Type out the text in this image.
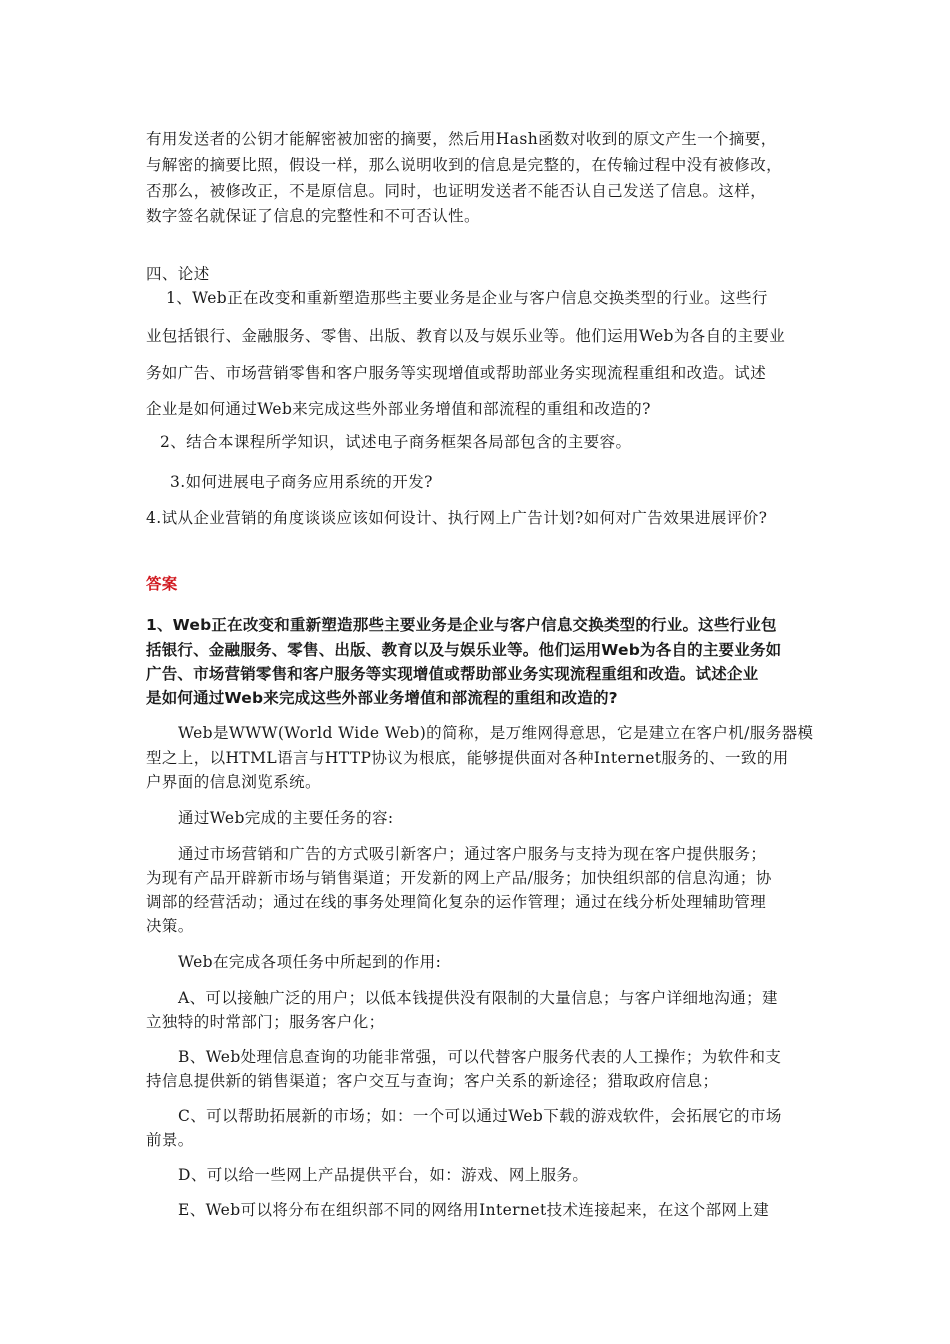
有用发送者的公钥才能解密被加密的摘要，然后用Hash函数对收到的原文产生一个摘要，
与解密的摘要比照，假设一样，那么说明收到的信息是完整的，在传输过程中没有被修改，
否那么，被修改正，不是原信息。同时，也证明发送者不能否认自己发送了信息。这样，
数字签名就保证了信息的完整性和不可否认性。
四、论述
1、Web正在改变和重新塑造那些主要业务是企业与客户信息交换类型的行业。这些行
业包括银行、金融服务、零售、出版、教育以及与娱乐业等。他们运用Web为各自的主要业
务如广告、市场营销零售和客户服务等实现增值或帮助部业务实现流程重组和改造。试述
企业是如何通过Web来完成这些外部业务增值和部流程的重组和改造的?
2、结合本课程所学知识，试述电子商务框架各局部包含的主要容。
3.如何进展电子商务应用系统的开发?
4.试从企业营销的角度谈谈应该如何设计、执行网上广告计划?如何对广告效果进展评价?
答案
1、Web正在改变和重新塑造那些主要业务是企业与客户信息交换类型的行业。这些行业包
括银行、金融服务、零售、出版、教育以及与娱乐业等。他们运用Web为各自的主要业务如
广告、市场营销零售和客户服务等实现增值或帮助部业务实现流程重组和改造。试述企业
是如何通过Web来完成这些外部业务增值和部流程的重组和改造的?
Web是WWW(World Wide Web)的简称，是万维网得意思，它是建立在客户机/服务器模
型之上，以HTML语言与HTTP协议为根底，能够提供面对各种Internet服务的、一致的用
户界面的信息浏览系统。
通过Web完成的主要任务的容:
通过市场营销和广告的方式吸引新客户；通过客户服务与支持为现在客户提供服务；
为现有产品开辟新市场与销售渠道；开发新的网上产品/服务；加快组织部的信息沟通；协
调部的经营活动；通过在线的事务处理简化复杂的运作管理；通过在线分析处理辅助管理
决策。
Web在完成各项任务中所起到的作用:
A、可以接触广泛的用户；以低本钱提供没有限制的大量信息；与客户详细地沟通；建
立独特的时常部门；服务客户化；
B、Web处理信息查询的功能非常强，可以代替客户服务代表的人工操作；为软件和支
持信息提供新的销售渠道；客户交互与查询；客户关系的新途径；猎取政府信息；
C、可以帮助拓展新的市场；如：一个可以通过Web下载的游戏软件，会拓展它的市场
前景。
D、可以给一些网上产品提供平台，如：游戏、网上服务。
E、Web可以将分布在组织部不同的网络用Internet技术连接起来，在这个部网上建
